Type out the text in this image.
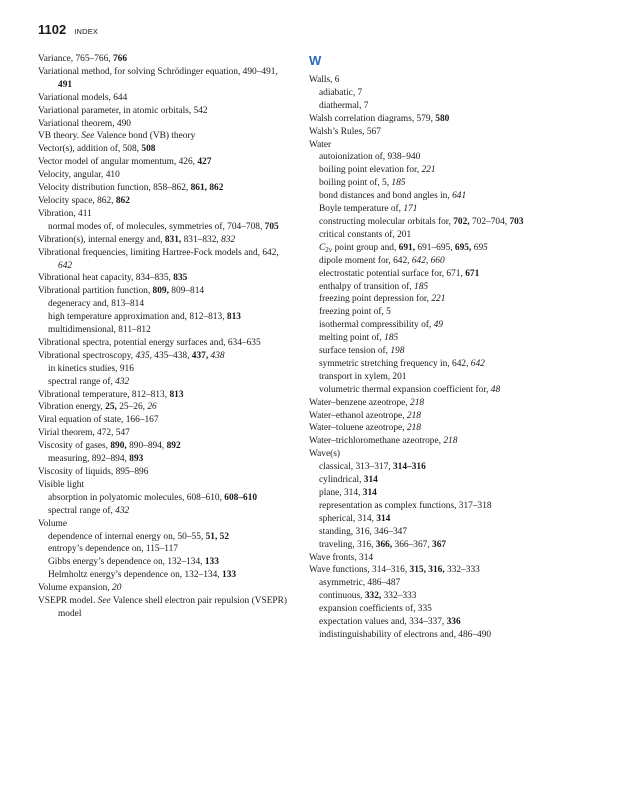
1102 INDEX
Variance, 765–766, 766
Variational method, for solving Schrödinger equation, 490–491, 491
Variational models, 644
Variational parameter, in atomic orbitals, 542
Variational theorem, 490
VB theory. See Valence bond (VB) theory
Vector(s), addition of, 508, 508
Vector model of angular momentum, 426, 427
Velocity, angular, 410
Velocity distribution function, 858–862, 861, 862
Velocity space, 862, 862
Vibration, 411
normal modes of, of molecules, symmetries of, 704–708, 705
Vibration(s), internal energy and, 831, 831–832, 832
Vibrational frequencies, limiting Hartree-Fock models and, 642, 642
Vibrational heat capacity, 834–835, 835
Vibrational partition function, 809, 809–814
degeneracy and, 813–814
high temperature approximation and, 812–813, 813
multidimensional, 811–812
Vibrational spectra, potential energy surfaces and, 634–635
Vibrational spectroscopy, 435, 435–438, 437, 438
in kinetics studies, 916
spectral range of, 432
Vibrational temperature, 812–813, 813
Vibration energy, 25, 25–26, 26
Viral equation of state, 166–167
Virial theorem, 472, 547
Viscosity of gases, 890, 890–894, 892
measuring, 892–894, 893
Viscosity of liquids, 895–896
Visible light
absorption in polyatomic molecules, 608–610, 608–610
spectral range of, 432
Volume
dependence of internal energy on, 50–55, 51, 52
entropy’s dependence on, 115–117
Gibbs energy’s dependence on, 132–134, 133
Helmholtz energy’s dependence on, 132–134, 133
Volume expansion, 20
VSEPR model. See Valence shell electron pair repulsion (VSEPR) model
W
Walls, 6
adiabatic, 7
diathermal, 7
Walsh correlation diagrams, 579, 580
Walsh’s Rules, 567
Water
autoionization of, 938–940
boiling point elevation for, 221
boiling point of, 5, 185
bond distances and bond angles in, 641
Boyle temperature of, 171
constructing molecular orbitals for, 702, 702–704, 703
critical constants of, 201
$C_{2v}$ point group and, 691, 691–695, 695, 695
dipole moment for, 642, 642, 660
electrostatic potential surface for, 671, 671
enthalpy of transition of, 185
freezing point depression for, 221
freezing point of, 5
isothermal compressibility of, 49
melting point of, 185
surface tension of, 198
symmetric stretching frequency in, 642, 642
transport in xylem, 201
volumetric thermal expansion coefficient for, 48
Water–benzene azeotrope, 218
Water–ethanol azeotrope, 218
Water–toluene azeotrope, 218
Water–trichloromethane azeotrope, 218
Wave(s)
classical, 313–317, 314–316
cylindrical, 314
plane, 314, 314
representation as complex functions, 317–318
spherical, 314, 314
standing, 316, 346–347
traveling, 316, 366, 366–367, 367
Wave fronts, 314
Wave functions, 314–316, 315, 316, 332–333
asymmetric, 486–487
continuous, 332, 332–333
expansion coefficients of, 335
expectation values and, 334–337, 336
indistinguishability of electrons and, 486–490
